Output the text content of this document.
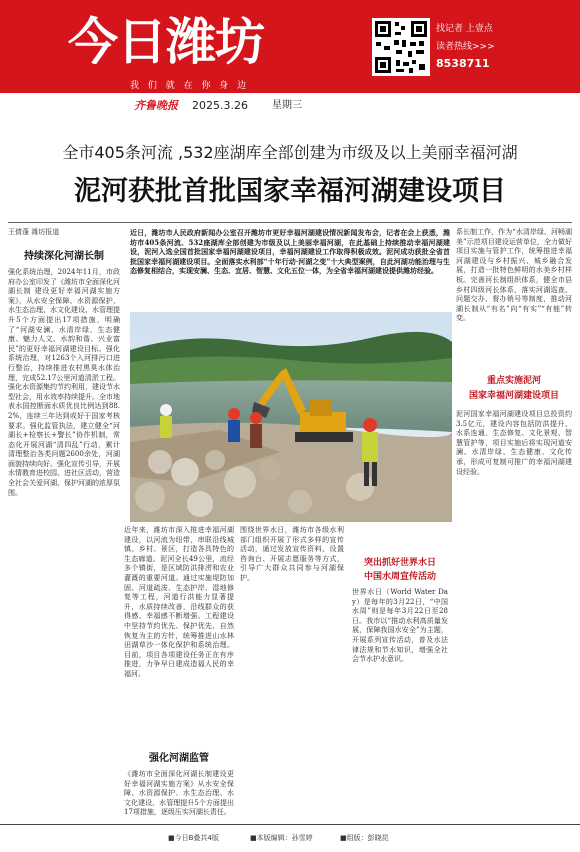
今日潍坊
我 们 就 在 你 身 边
找记者 上壹点
读者热线>>>
8538711
齐鲁晚报 2025.3.26	星期三
全市405条河流 ,532座湖库全部创建为市级及以上美丽幸福河湖
泥河获批首批国家幸福河湖建设项目
王倩蓬 潍坊报道
持续深化河湖长制
强化系统治理，2024年11月，市政府办公室印发了《潍坊市全面深化河湖长制 建设更好幸福河湖实施方案》，从水安全保障、水资源保护、水生态治理、水文化建设、水管理提升5个方面提出17项措施，明确了“河湖安澜、水清岸绿、生态健康、魅力人文、水韵和谐、兴业富民”的更好幸福河湖建设目标。强化系统治理，对1263个入河排污口进行整治，持续推进农村黑臭水体治理，完成52.17公里河道清淤工程。强化水资源集约节约利用，建设节水型社会，用水效率持续提升。全市地表水国控断面水质优良比例达到88.2%，连续三年达到或好于国家考核要求。强化监管执法，建立健全“河湖长+检察长+警长”协作机制，常态化开展河湖“清四乱”行动，累计清理整治各类问题2600余处，河湖面貌持续向好。强化宣传引导，开展水情教育进校园、进社区活动，营造全社会关爱河湖、保护河湖的浓厚氛围。
近日，潍坊市人民政府新闻办公室召开潍坊市更好幸福河湖建设情况新闻发布会，记者在会上获悉，潍坊市405条河流、532座湖库全部创建为市级及以上美丽幸福河湖，在此基础上持续推动幸福河湖建设，泥河入选全国首批国家幸福河湖建设项目，幸福河湖建设工作取得积极成效。泥河成功获批全省首批国家幸福河湖建设项目。全面落实水利部“十年行动·河湖之变”十大典型案例，自此河湖功能治理与生态修复相结合，实现安澜、生态、宜居、智慧、文化五位一体，为全省幸福河湖建设提供潍坊经验。
近年来，潍坊市深入推进幸福河湖建设，以河流为纽带，串联沿线城镇、乡村、景区，打造各具特色的生态廊道。泥河全长49公里，流经多个镇街，是区域防洪排涝和农业灌溉的重要河道。通过实施堤防加固、河道疏浚、生态护岸、湿地修复等工程，河道行洪能力显著提升，水质持续改善，沿线群众的获得感、幸福感不断增强。工程建设中坚持节约优先、保护优先、自然恢复为主的方针，统筹推进山水林田湖草沙一体化保护和系统治理。目前，项目各项建设任务正在有序推进，力争早日建成造福人民的幸福河。
强化河湖监管
《潍坊市全面深化河湖长制建设更好幸福河湖实施方案》从水安全保障、水资源保护、水生态治理、水文化建设、水管理提升5个方面提出17项措施，逐级压实河湖长责任。
围绕世界水日，潍坊市各级水利部门组织开展了形式多样的宣传活动，通过发放宣传资料、设置咨询台、开展志愿服务等方式，引导广大群众共同参与河湖保护。
突出抓好世界水日
中国水周宣传活动
世界水日（World Water Day）是每年的3月22日，“中国水周”则是每年3月22日至28日。我市以“推动水利高质量发展，保障我国水安全”为主题，开展系列宣传活动，普及水法律法规和节水知识，增强全社会节水护水意识。
系长制工作，作为“水清岸绿、河畅湖美”示范项目建设运营单位，全力做好项目实施与管护工作，统筹推进幸福河湖建设与乡村振兴、城乡融合发展，打造一批特色鲜明的水美乡村样板。完善河长制组织体系，健全市县乡村四级河长体系，落实河湖巡查、问题交办、督办销号等制度，推动河湖长制从“有名”向“有实”“有能”转变。
重点实施泥河
国家幸福河湖建设项目
泥河国家幸福河湖建设项目总投资约3.5亿元，建设内容包括防洪提升、水系连通、生态修复、文化景观、智慧管护等，项目实施后将实现河道安澜、水清岸绿、生态健康、文化传承，形成可复制可推广的幸福河湖建设经验。
■今日B叠共4版	■本版编辑：孙雪婷	■组版：彭晓昆
